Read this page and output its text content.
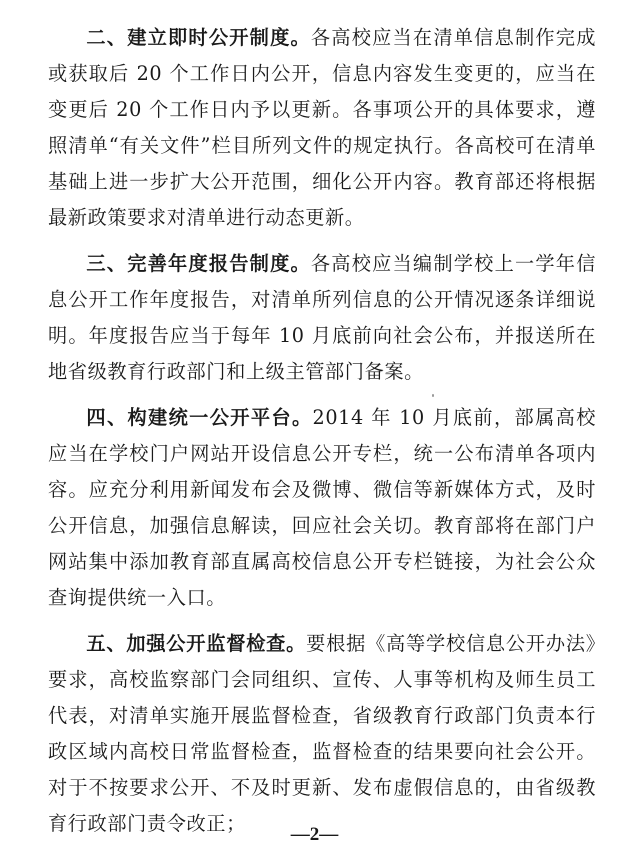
二、建立即时公开制度。各高校应当在清单信息制作完成或获取后 20 个工作日内公开，信息内容发生变更的，应当在变更后 20 个工作日内予以更新。各事项公开的具体要求，遵照清单“有关文件”栏目所列文件的规定执行。各高校可在清单基础上进一步扩大公开范围，细化公开内容。教育部还将根据最新政策要求对清单进行动态更新。

三、完善年度报告制度。各高校应当编制学校上一学年信息公开工作年度报告，对清单所列信息的公开情况逐条详细说明。年度报告应当于每年 10 月底前向社会公布，并报送所在地省级教育行政部门和上级主管部门备案。

四、构建统一公开平台。2014 年 10 月底前，部属高校应当在学校门户网站开设信息公开专栏，统一公布清单各项内容。应充分利用新闻发布会及微博、微信等新媒体方式，及时公开信息，加强信息解读，回应社会关切。教育部将在部门户网站集中添加教育部直属高校信息公开专栏链接，为社会公众查询提供统一入口。

五、加强公开监督检查。要根据《高等学校信息公开办法》要求，高校监察部门会同组织、宣传、人事等机构及师生员工代表，对清单实施开展监督检查，省级教育行政部门负责本行政区域内高校日常监督检查，监督检查的结果要向社会公开。对于不按要求公开、不及时更新、发布虚假信息的，由省级教育行政部门责令改正；	—2—
